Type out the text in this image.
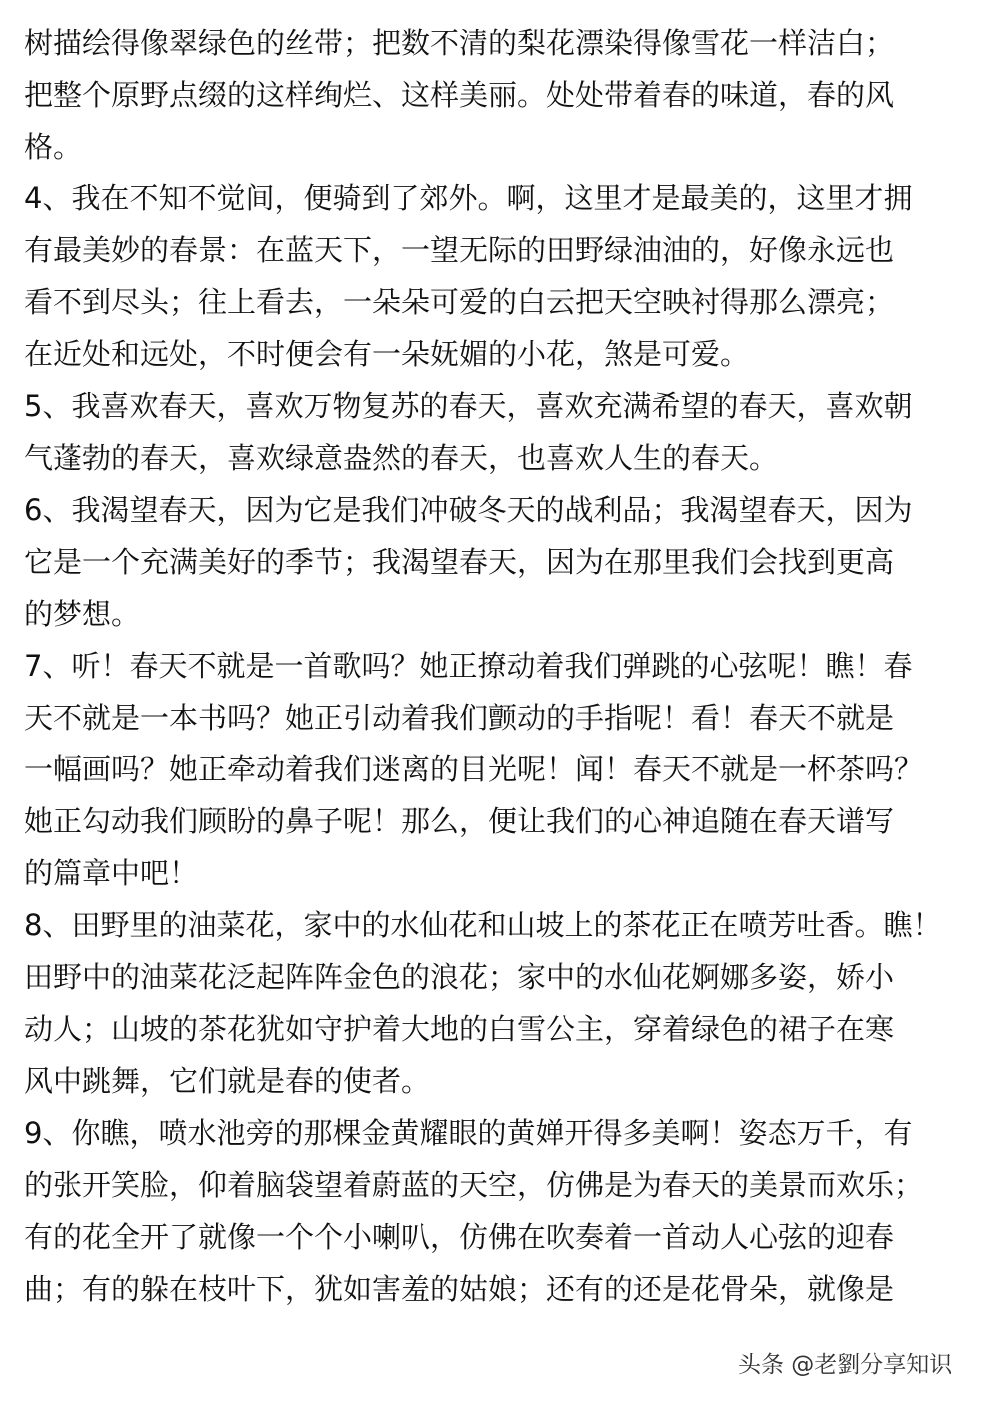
树描绘得像翠绿色的丝带；把数不清的梨花漂染得像雪花一样洁白；
把整个原野点缀的这样绚烂、这样美丽。处处带着春的味道，春的风
格。
4、我在不知不觉间，便骑到了郊外。啊，这里才是最美的，这里才拥
有最美妙的春景：在蓝天下，一望无际的田野绿油油的，好像永远也
看不到尽头；往上看去，一朵朵可爱的白云把天空映衬得那么漂亮；
在近处和远处，不时便会有一朵妩媚的小花，煞是可爱。
5、我喜欢春天，喜欢万物复苏的春天，喜欢充满希望的春天，喜欢朝
气蓬勃的春天，喜欢绿意盎然的春天，也喜欢人生的春天。
6、我渴望春天，因为它是我们冲破冬天的战利品；我渴望春天，因为
它是一个充满美好的季节；我渴望春天，因为在那里我们会找到更高
的梦想。
7、听！春天不就是一首歌吗？她正撩动着我们弹跳的心弦呢！瞧！春
天不就是一本书吗？她正引动着我们颤动的手指呢！看！春天不就是
一幅画吗？她正牵动着我们迷离的目光呢！闻！春天不就是一杯茶吗？
她正勾动我们顾盼的鼻子呢！那么，便让我们的心神追随在春天谱写
的篇章中吧！
8、田野里的油菜花，家中的水仙花和山坡上的茶花正在喷芳吐香。瞧！
田野中的油菜花泛起阵阵金色的浪花；家中的水仙花婀娜多姿，娇小
动人；山坡的茶花犹如守护着大地的白雪公主，穿着绿色的裙子在寒
风中跳舞，它们就是春的使者。
9、你瞧，喷水池旁的那棵金黄耀眼的黄婵开得多美啊！姿态万千，有
的张开笑脸，仰着脑袋望着蔚蓝的天空，仿佛是为春天的美景而欢乐；
有的花全开了就像一个个小喇叭，仿佛在吹奏着一首动人心弦的迎春
曲；有的躲在枝叶下，犹如害羞的姑娘；还有的还是花骨朵，就像是
头条 @老劉分享知识
